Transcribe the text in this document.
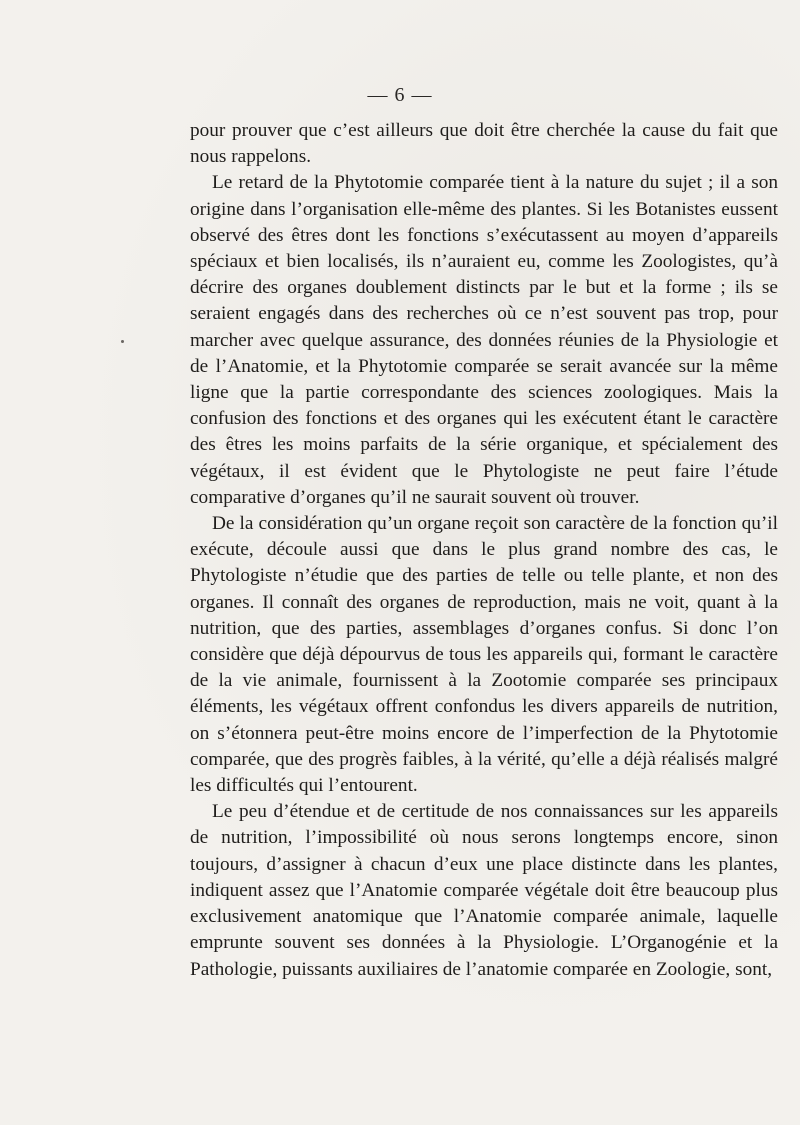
— 6 —

pour prouver que c’est ailleurs que doit être cherchée la cause du fait que nous rappelons.

Le retard de la Phytotomie comparée tient à la nature du sujet ; il a son origine dans l’organisation elle-même des plantes. Si les Botanistes eussent observé des êtres dont les fonctions s’exécutassent au moyen d’appareils spéciaux et bien localisés, ils n’auraient eu, comme les Zoologistes, qu’à décrire des organes doublement distincts par le but et la forme ; ils se seraient engagés dans des recherches où ce n’est souvent pas trop, pour marcher avec quelque assurance, des données réunies de la Physiologie et de l’Anatomie, et la Phytotomie comparée se serait avancée sur la même ligne que la partie correspondante des sciences zoologiques. Mais la confusion des fonctions et des organes qui les exécutent étant le caractère des êtres les moins parfaits de la série organique, et spécialement des végétaux, il est évident que le Phytologiste ne peut faire l’étude comparative d’organes qu’il ne saurait souvent où trouver.

De la considération qu’un organe reçoit son caractère de la fonction qu’il exécute, découle aussi que dans le plus grand nombre des cas, le Phytologiste n’étudie que des parties de telle ou telle plante, et non des organes. Il connaît des organes de reproduction, mais ne voit, quant à la nutrition, que des parties, assemblages d’organes confus. Si donc l’on considère que déjà dépourvus de tous les appareils qui, formant le caractère de la vie animale, fournissent à la Zootomie comparée ses principaux éléments, les végétaux offrent confondus les divers appareils de nutrition, on s’étonnera peut-être moins encore de l’imperfection de la Phytotomie comparée, que des progrès faibles, à la vérité, qu’elle a déjà réalisés malgré les difficultés qui l’entourent.

Le peu d’étendue et de certitude de nos connaissances sur les appareils de nutrition, l’impossibilité où nous serons longtemps encore, sinon toujours, d’assigner à chacun d’eux une place distincte dans les plantes, indiquent assez que l’Anatomie comparée végétale doit être beaucoup plus exclusivement anatomique que l’Anatomie comparée animale, laquelle emprunte souvent ses données à la Physiologie. L’Organogénie et la Pathologie, puissants auxiliaires de l’anatomie comparée en Zoologie, sont,
